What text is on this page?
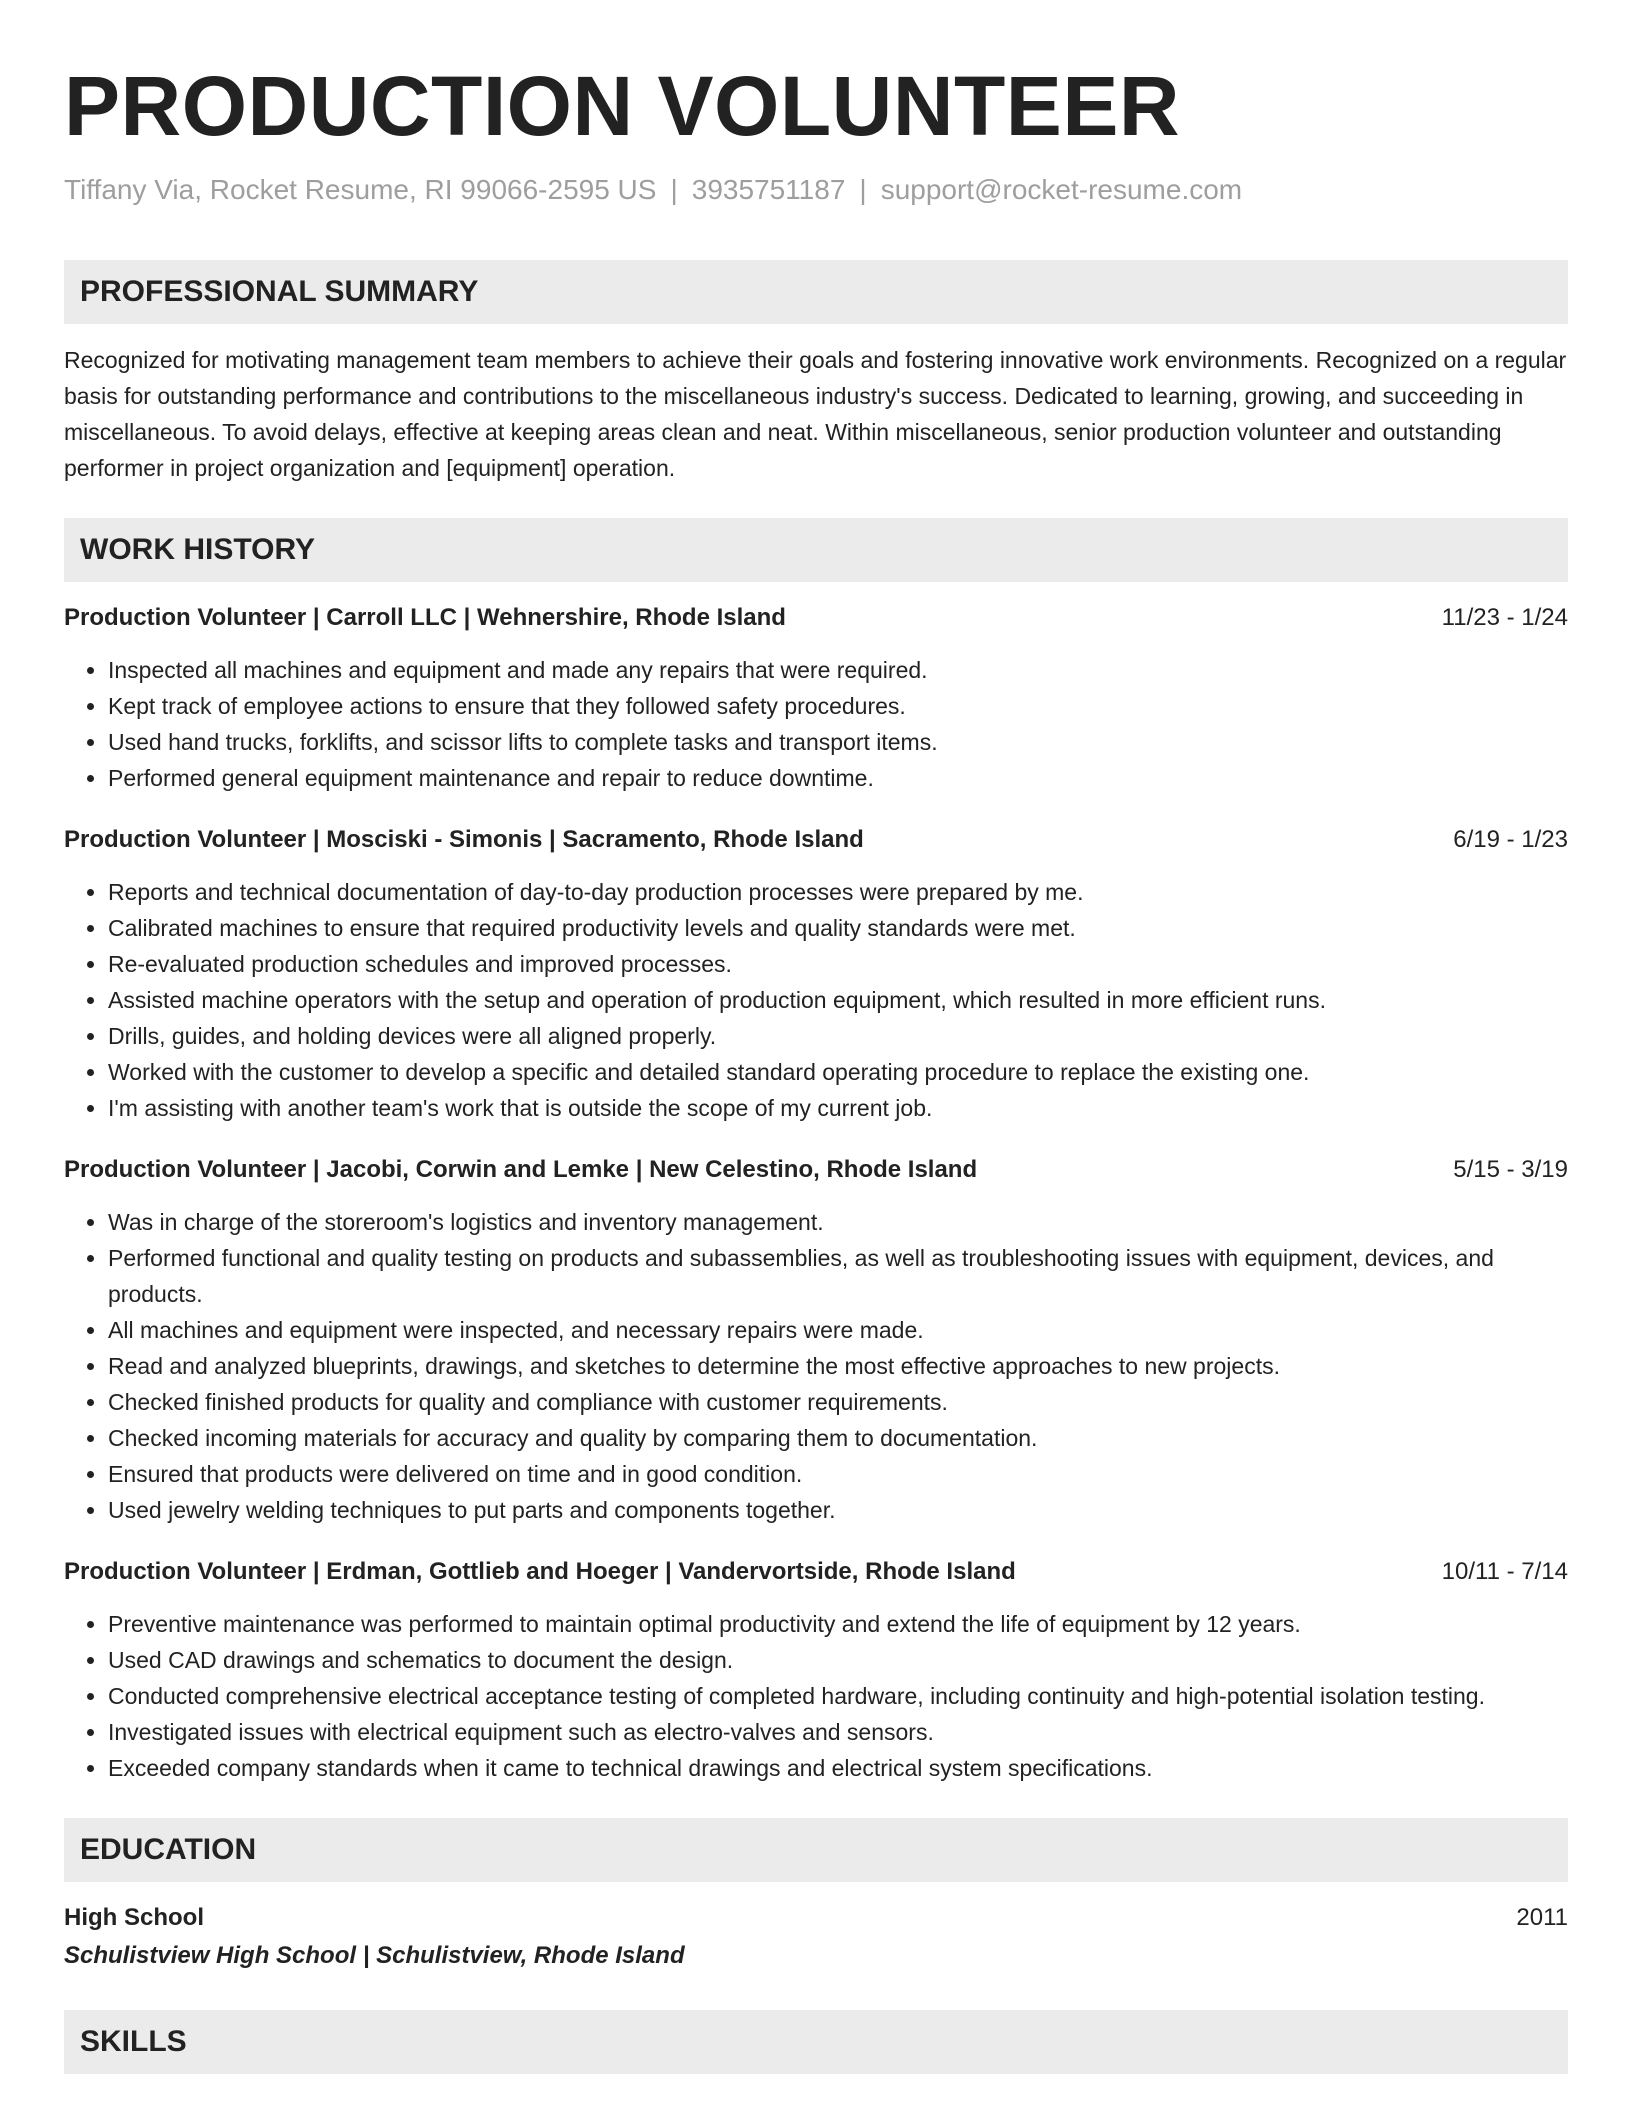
PRODUCTION VOLUNTEER
Tiffany Via, Rocket Resume, RI 99066-2595 US | 3935751187 | support@rocket-resume.com
PROFESSIONAL SUMMARY
Recognized for motivating management team members to achieve their goals and fostering innovative work environments. Recognized on a regular basis for outstanding performance and contributions to the miscellaneous industry's success. Dedicated to learning, growing, and succeeding in miscellaneous. To avoid delays, effective at keeping areas clean and neat. Within miscellaneous, senior production volunteer and outstanding performer in project organization and [equipment] operation.
WORK HISTORY
Production Volunteer | Carroll LLC | Wehnershire, Rhode Island	11/23 - 1/24
• Inspected all machines and equipment and made any repairs that were required.
• Kept track of employee actions to ensure that they followed safety procedures.
• Used hand trucks, forklifts, and scissor lifts to complete tasks and transport items.
• Performed general equipment maintenance and repair to reduce downtime.
Production Volunteer | Mosciski - Simonis | Sacramento, Rhode Island	6/19 - 1/23
• Reports and technical documentation of day-to-day production processes were prepared by me.
• Calibrated machines to ensure that required productivity levels and quality standards were met.
• Re-evaluated production schedules and improved processes.
• Assisted machine operators with the setup and operation of production equipment, which resulted in more efficient runs.
• Drills, guides, and holding devices were all aligned properly.
• Worked with the customer to develop a specific and detailed standard operating procedure to replace the existing one.
• I'm assisting with another team's work that is outside the scope of my current job.
Production Volunteer | Jacobi, Corwin and Lemke | New Celestino, Rhode Island	5/15 - 3/19
• Was in charge of the storeroom's logistics and inventory management.
• Performed functional and quality testing on products and subassemblies, as well as troubleshooting issues with equipment, devices, and products.
• All machines and equipment were inspected, and necessary repairs were made.
• Read and analyzed blueprints, drawings, and sketches to determine the most effective approaches to new projects.
• Checked finished products for quality and compliance with customer requirements.
• Checked incoming materials for accuracy and quality by comparing them to documentation.
• Ensured that products were delivered on time and in good condition.
• Used jewelry welding techniques to put parts and components together.
Production Volunteer | Erdman, Gottlieb and Hoeger | Vandervortside, Rhode Island	10/11 - 7/14
• Preventive maintenance was performed to maintain optimal productivity and extend the life of equipment by 12 years.
• Used CAD drawings and schematics to document the design.
• Conducted comprehensive electrical acceptance testing of completed hardware, including continuity and high-potential isolation testing.
• Investigated issues with electrical equipment such as electro-valves and sensors.
• Exceeded company standards when it came to technical drawings and electrical system specifications.
EDUCATION
High School	2011
Schulistview High School | Schulistview, Rhode Island
SKILLS
